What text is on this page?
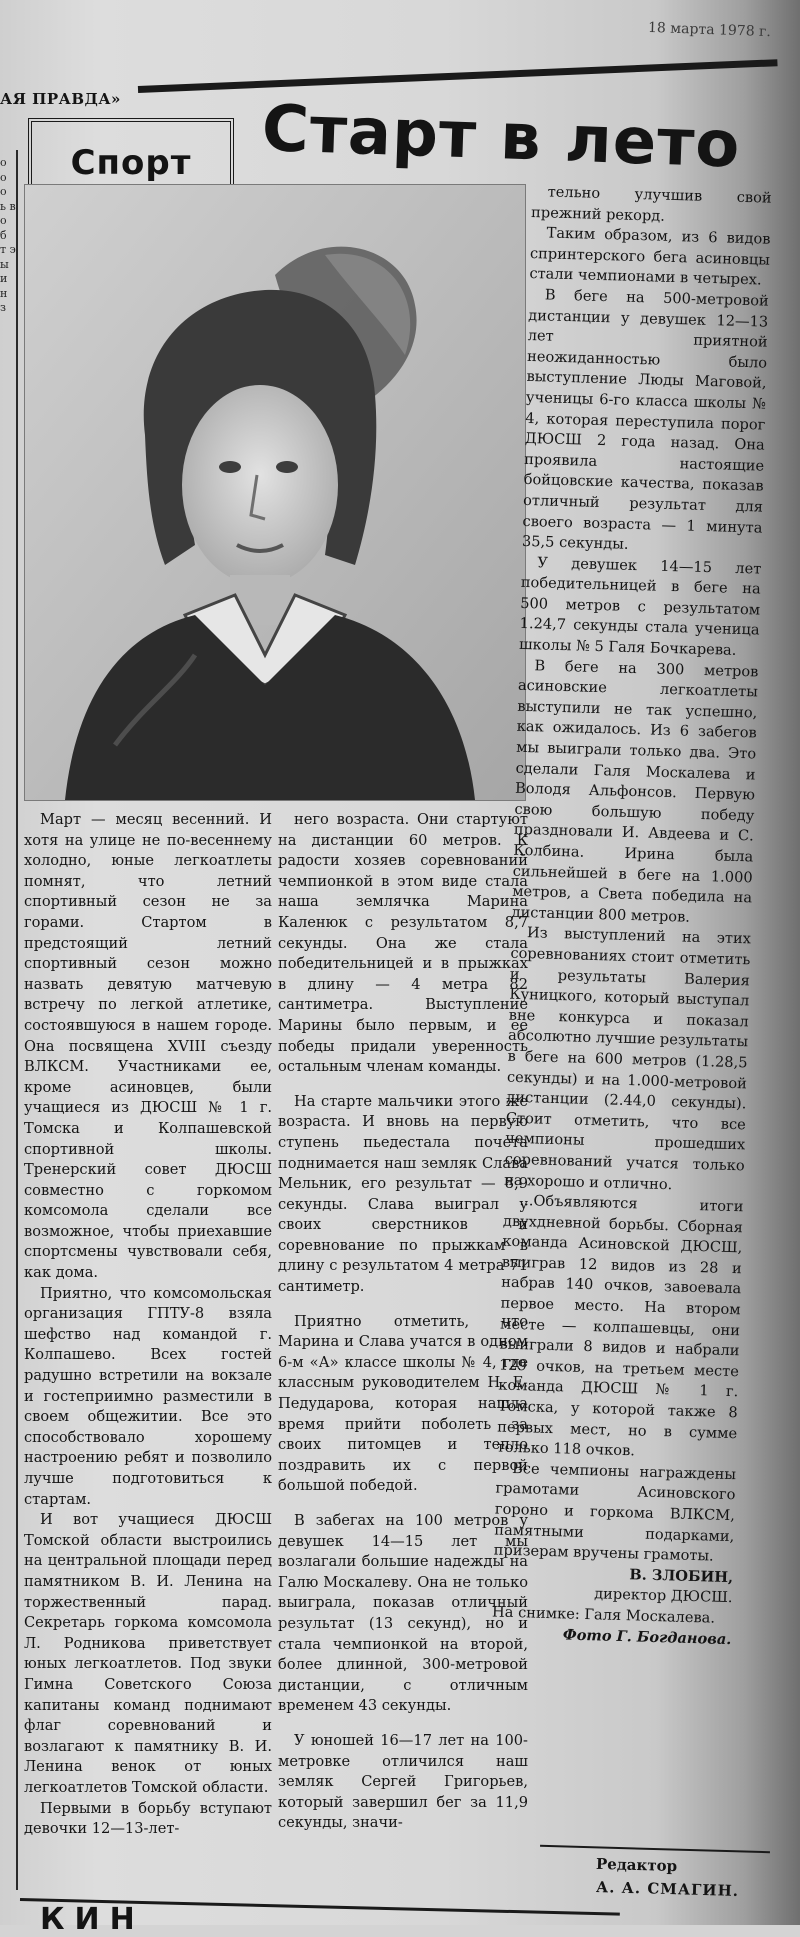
18 марта 1978 г.
АЯ ПРАВДА»
Спорт Старт в лето
о о о ь в о б т э ы и н з

Март — месяц весенний. И хотя на улице не по-весеннему холодно, юные легкоатлеты помнят, что летний спортивный сезон не за горами. Стартом в предстоящий летний спортивный сезон можно назвать девятую матчевую встречу по легкой атлетике, состоявшуюся в нашем городе. Она посвящена XVIII съезду ВЛКСМ. Участниками ее, кроме асиновцев, были учащиеся из ДЮСШ № 1 г. Томска и Колпашевской спортивной школы. Тренерский совет ДЮСШ совместно с горкомом комсомола сделали все возможное, чтобы приехавшие спортсмены чувствовали себя, как дома.

Приятно, что комсомольская организация ГПТУ-8 взяла шефство над командой г. Колпашево. Всех гостей радушно встретили на вокзале и гостеприимно разместили в своем общежитии. Все это способствовало хорошему настроению ребят и позволило лучше подготовиться к стартам.

И вот учащиеся ДЮСШ Томской области выстроились на центральной площади перед памятником В. И. Ленина на торжественный парад. Секретарь горкома комсомола Л. Родникова приветствует юных легкоатлетов. Под звуки Гимна Советского Союза капитаны команд поднимают флаг соревнований и возлагают к памятнику В. И. Ленина венок от юных легкоатлетов Томской области.

Первыми в борьбу вступают девочки 12—13-лет-

него возраста. Они стартуют на дистанции 60 метров. К радости хозяев соревнований чемпионкой в этом виде стала наша землячка Марина Каленюк с результатом 8,7 секунды. Она же стала победительницей и в прыжках в длину — 4 метра 82 сантиметра. Выступление Марины было первым, и ее победы придали уверенность остальным членам команды.

На старте мальчики этого же возраста. И вновь на первую ступень пьедестала почета поднимается наш земляк Слава Мельник, его результат — 8,9 секунды. Слава выиграл у своих сверстников и соревнование по прыжкам в длину с результатом 4 метра 71 сантиметр.

Приятно отметить, что Марина и Слава учатся в одном 6-м «А» классе школы № 4, где классным руководителем Н. Е. Педударова, которая нашла время прийти поболеть за своих питомцев и тепло поздравить их с первой большой победой.

В забегах на 100 метров у девушек 14—15 лет мы возлагали большие надежды на Галю Москалеву. Она не только выиграла, показав отличный результат (13 секунд), но и стала чемпионкой на второй, более длинной, 300-метровой дистанции, с отличным временем 43 секунды.

У юношей 16—17 лет на 100-метровке отличился наш земляк Сергей Григорьев, который завершил бег за 11,9 секунды, значи-

тельно улучшив свой прежний рекорд.

Таким образом, из 6 видов спринтерского бега асиновцы стали чемпионами в четырех.

В беге на 500-метровой дистанции у девушек 12—13 лет приятной неожиданностью было выступление Люды Маговой, ученицы 6-го класса школы № 4, которая переступила порог ДЮСШ 2 года назад. Она проявила настоящие бойцовские качества, показав отличный результат для своего возраста — 1 минута 35,5 секунды.

У девушек 14—15 лет победительницей в беге на 500 метров с результатом 1.24,7 секунды стала ученица школы № 5 Галя Бочкарева.

В беге на 300 метров асиновские легкоатлеты выступили не так успешно, как ожидалось. Из 6 забегов мы выиграли только два. Это сделали Галя Москалева и Володя Альфонсов. Первую свою большую победу праздновали И. Авдеева и С. Колбина. Ирина была сильнейшей в беге на 1.000 метров, а Света победила на дистанции 800 метров.

Из выступлений на этих соревнованиях стоит отметить и результаты Валерия Куницкого, который выступал вне конкурса и показал абсолютно лучшие результаты в беге на 600 метров (1.28,5 секунды) и на 1.000-метровой дистанции (2.44,0 секунды). Стоит отметить, что все чемпионы прошедших соревнований учатся только на хорошо и отлично.

...Объявляются итоги двухдневной борьбы. Сборная команда Асиновской ДЮСШ, выиграв 12 видов из 28 и набрав 140 очков, завоевала первое место. На втором месте — колпашевцы, они выиграли 8 видов и набрали 129 очков, на третьем месте команда ДЮСШ № 1 г. Томска, у которой также 8 первых мест, но в сумме только 118 очков.

Все чемпионы награждены грамотами Асиновского гороно и горкома ВЛКСМ, памятными подарками, призерам вручены грамоты.

В. ЗЛОБИН,

директор ДЮСШ.

На снимке: Галя Москалева.

Фото Г. Богданова.

Редактор
А. А. СМАГИН.
КИН
